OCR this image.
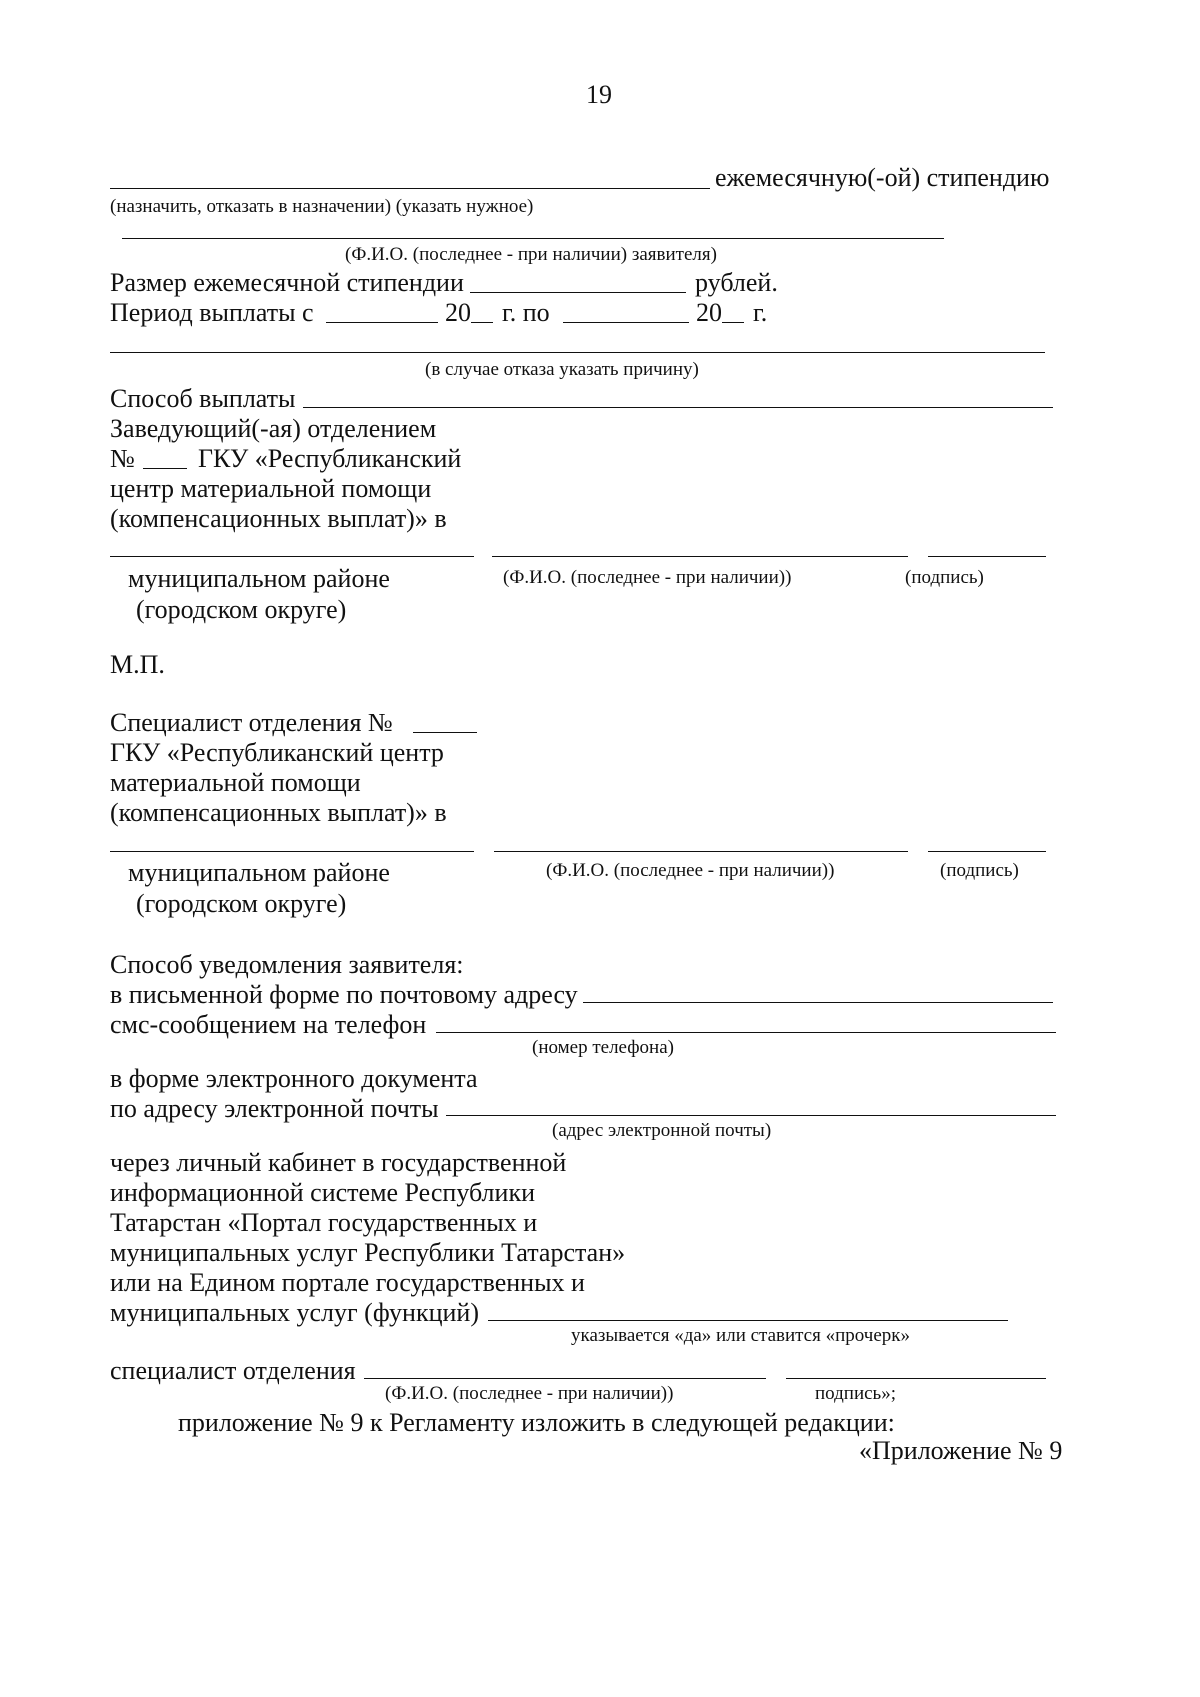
19
ежемесячную(-ой) стипендию
(назначить, отказать в назначении) (указать нужное)
(Ф.И.О. (последнее - при наличии) заявителя)
Размер ежемесячной стипендии	рублей.
Период выплаты с	20 г. по	20 г.
(в случае отказа указать причину)
Способ выплаты
Заведующий(-ая) отделением
№ ГКУ «Республиканский
центр материальной помощи
(компенсационных выплат)» в
муниципальном районе	(Ф.И.О. (последнее - при наличии))	(подпись)
(городском округе)
М.П.
Специалист отделения №
ГКУ «Республиканский центр
материальной помощи
(компенсационных выплат)» в
муниципальном районе	(Ф.И.О. (последнее - при наличии))	(подпись)
(городском округе)
Способ уведомления заявителя:
в письменной форме по почтовому адресу
смс-сообщением на телефон
(номер телефона)
в форме электронного документа
по адресу электронной почты
(адрес электронной почты)
через личный кабинет в государственной
информационной системе Республики
Татарстан «Портал государственных и
муниципальных услуг Республики Татарстан»
или на Едином портале государственных и
муниципальных услуг (функций)
указывается «да» или ставится «прочерк»
специалист отделения
(Ф.И.О. (последнее - при наличии))	подпись»;
приложение № 9 к Регламенту изложить в следующей редакции:
«Приложение № 9
